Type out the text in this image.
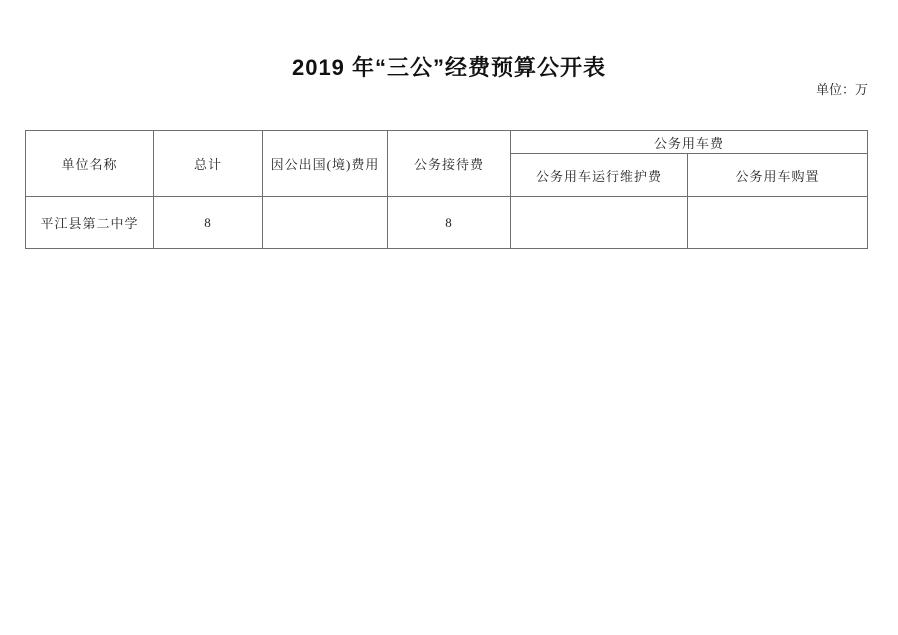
2019 年“三公”经费预算公开表
单位：万
单位名称	总计	因公出国(境)费用	公务接待费	公务用车费	
				公务用车运行维护费	公务用车购置
平江县第二中学	8		8		
